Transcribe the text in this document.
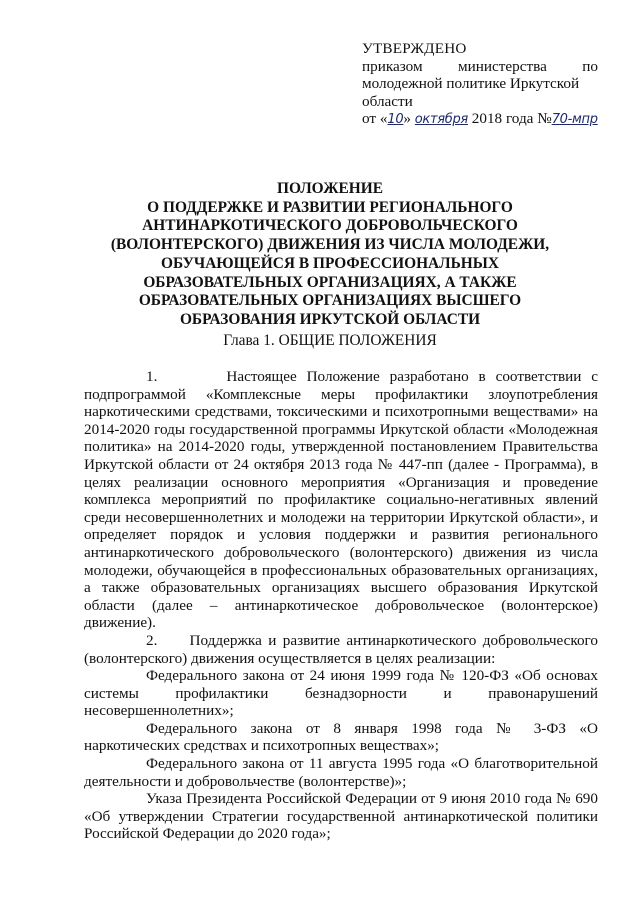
УТВЕРЖДЕНО
приказом министерства по
молодежной политике Иркутской
области
от «10» октября 2018 года №70-мпр
ПОЛОЖЕНИЕ
О ПОДДЕРЖКЕ И РАЗВИТИИ РЕГИОНАЛЬНОГО
АНТИНАРКОТИЧЕСКОГО ДОБРОВОЛЬЧЕСКОГО
(ВОЛОНТЕРСКОГО) ДВИЖЕНИЯ ИЗ ЧИСЛА МОЛОДЕЖИ,
ОБУЧАЮЩЕЙСЯ В ПРОФЕССИОНАЛЬНЫХ
ОБРАЗОВАТЕЛЬНЫХ ОРГАНИЗАЦИЯХ, А ТАКЖЕ
ОБРАЗОВАТЕЛЬНЫХ ОРГАНИЗАЦИЯХ ВЫСШЕГО
ОБРАЗОВАНИЯ ИРКУТСКОЙ ОБЛАСТИ
Глава 1. ОБЩИЕ ПОЛОЖЕНИЯ

1.       Настоящее Положение разработано в соответствии с подпрограммой «Комплексные меры профилактики злоупотребления наркотическими средствами, токсическими и психотропными веществами» на 2014-2020 годы государственной программы Иркутской области «Молодежная политика» на 2014-2020 годы, утвержденной постановлением Правительства Иркутской области от 24 октября 2013 года № 447-пп (далее - Программа), в целях реализации основного мероприятия «Организация и проведение комплекса мероприятий по профилактике социально-негативных явлений среди несовершеннолетних и молодежи на территории Иркутской области», и определяет порядок и условия поддержки и развития регионального антинаркотического добровольческого (волонтерского) движения из числа молодежи, обучающейся в профессиональных образовательных организациях, а также образовательных организациях высшего образования Иркутской области (далее – антинаркотическое добровольческое (волонтерское) движение).

2.     Поддержка и развитие антинаркотического добровольческого (волонтерского) движения осуществляется в целях реализации:

Федерального закона от 24 июня 1999 года № 120-ФЗ «Об основах системы профилактики безнадзорности и правонарушений несовершеннолетних»;

Федерального закона от 8 января 1998 года № 3-ФЗ «О наркотических средствах и психотропных веществах»;

Федерального закона от 11 августа 1995 года «О благотворительной деятельности и добровольчестве (волонтерстве)»;

Указа Президента Российской Федерации от 9 июня 2010 года № 690 «Об утверждении Стратегии государственной антинаркотической политики Российской Федерации до 2020 года»;
